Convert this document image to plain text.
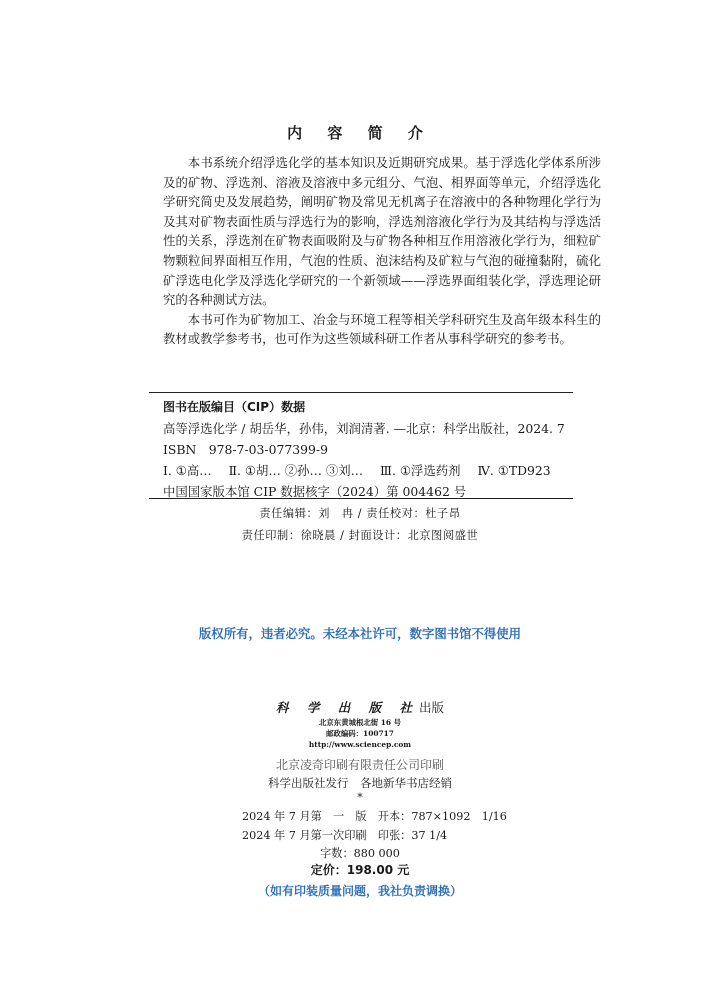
内 容 简 介

本书系统介绍浮选化学的基本知识及近期研究成果。基于浮选化学体系所涉及的矿物、浮选剂、溶液及溶液中多元组分、气泡、相界面等单元，介绍浮选化学研究简史及发展趋势，阐明矿物及常见无机离子在溶液中的各种物理化学行为及其对矿物表面性质与浮选行为的影响，浮选剂溶液化学行为及其结构与浮选活性的关系，浮选剂在矿物表面吸附及与矿物各种相互作用溶液化学行为，细粒矿物颗粒间界面相互作用，气泡的性质、泡沫结构及矿粒与气泡的碰撞黏附，硫化矿浮选电化学及浮选化学研究的一个新领域——浮选界面组装化学，浮选理论研究的各种测试方法。

本书可作为矿物加工、冶金与环境工程等相关学科研究生及高年级本科生的教材或教学参考书，也可作为这些领域科研工作者从事科学研究的参考书。

图书在版编目（CIP）数据
高等浮选化学 / 胡岳华，孙伟，刘润清著. —北京：科学出版社，2024. 7
ISBN　978-7-03-077399-9
Ⅰ. ①高… Ⅱ. ①胡… ②孙… ③刘… Ⅲ. ①浮选药剂 Ⅳ. ①TD923
中国国家版本馆 CIP 数据核字（2024）第 004462 号
责任编辑：刘　冉 / 责任校对：杜子昂
责任印制：徐晓晨 / 封面设计：北京图阅盛世
版权所有，违者必究。未经本社许可，数字图书馆不得使用
科 学 出 版 社出版
北京东黄城根北街 16 号
邮政编码：100717
http://www.sciencep.com
北京凌奇印刷有限责任公司印刷
科学出版社发行　各地新华书店经销
*
2024 年 7 月第　一　版　开本：787×1092　1/16
2024 年 7 月第一次印刷　印张：37 1/4
字数：880 000
定价：198.00 元
（如有印装质量问题，我社负责调换）
